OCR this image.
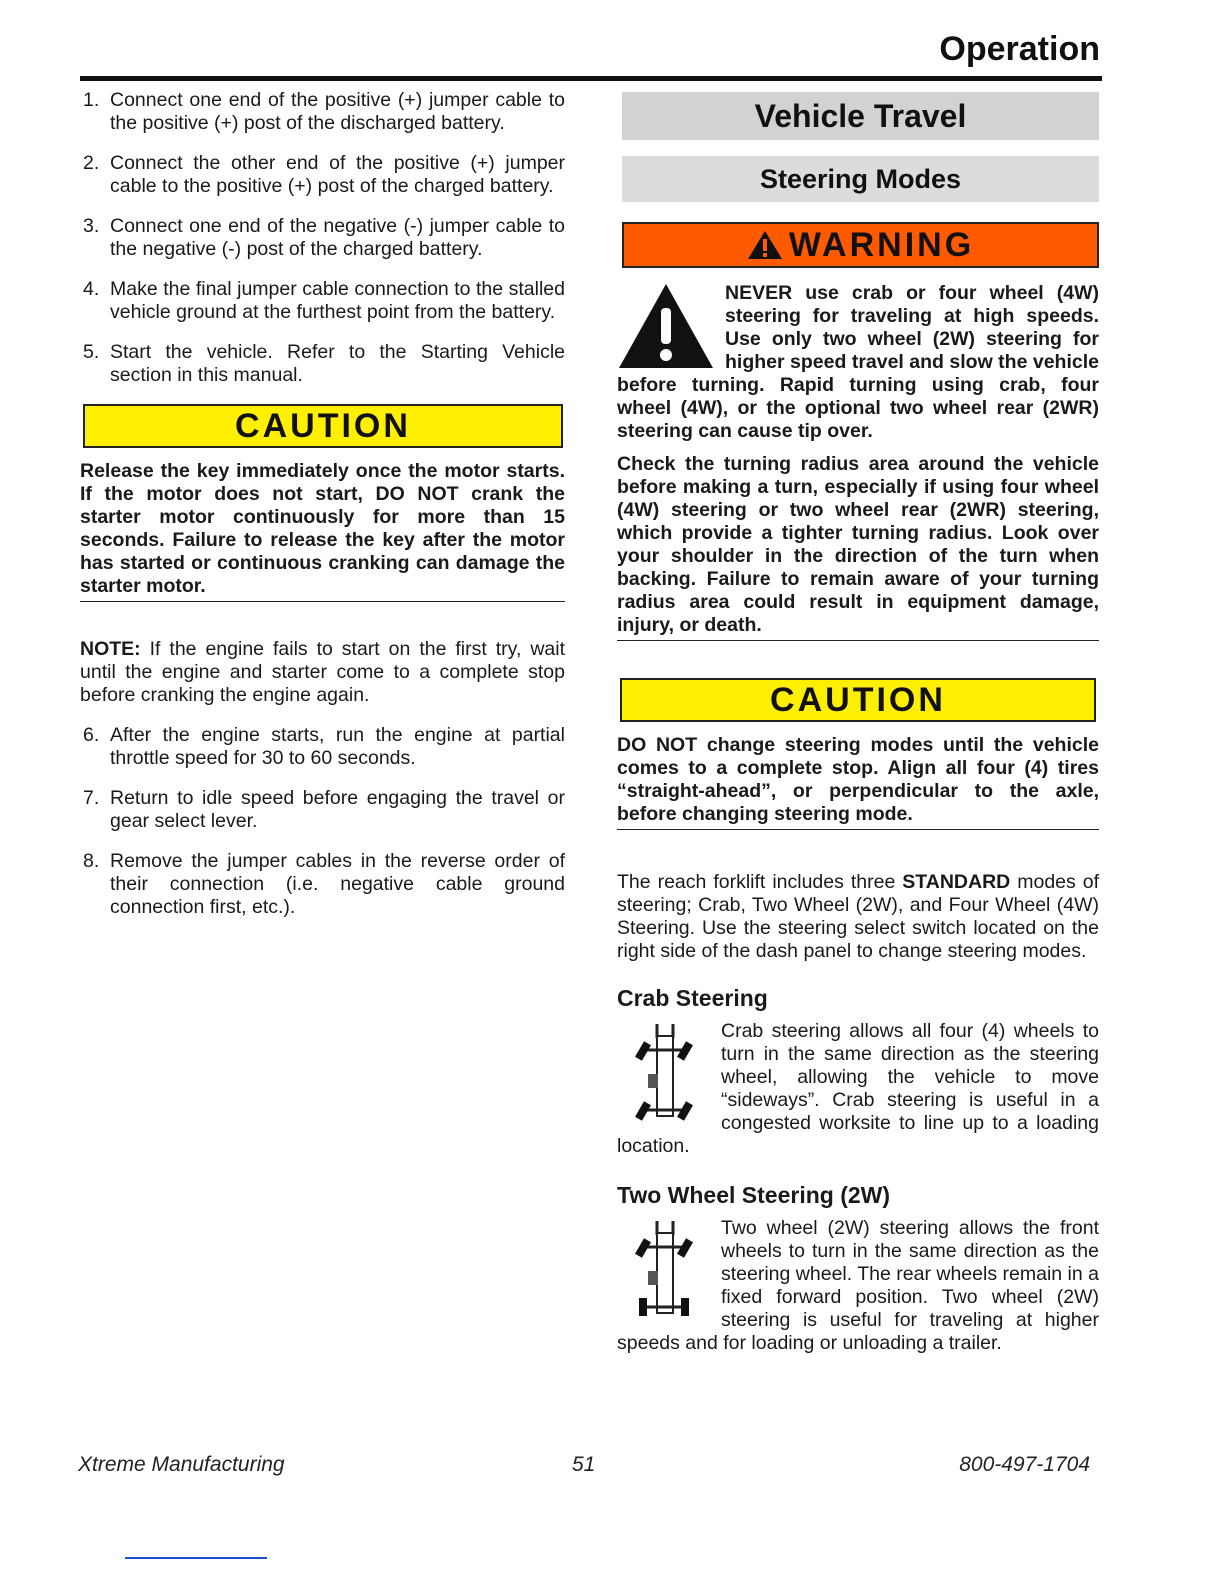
Operation
1. Connect one end of the positive (+) jumper cable to the positive (+) post of the discharged battery.
2. Connect the other end of the positive (+) jumper cable to the positive (+) post of the charged battery.
3. Connect one end of the negative (-) jumper cable to the negative (-) post of the charged battery.
4. Make the final jumper cable connection to the stalled vehicle ground at the furthest point from the battery.
5. Start the vehicle. Refer to the Starting Vehicle section in this manual.
CAUTION
Release the key immediately once the motor starts. If the motor does not start, DO NOT crank the starter motor continuously for more than 15 seconds. Failure to release the key after the motor has started or continuous cranking can damage the starter motor.

NOTE: If the engine fails to start on the first try, wait until the engine and starter come to a complete stop before cranking the engine again.

6. After the engine starts, run the engine at partial throttle speed for 30 to 60 seconds.
7. Return to idle speed before engaging the travel or gear select lever.
8. Remove the jumper cables in the reverse order of their connection (i.e. negative cable ground connection first, etc.).
Vehicle Travel
Steering Modes
WARNING
NEVER use crab or four wheel (4W) steering for traveling at high speeds. Use only two wheel (2W) steering for higher speed travel and slow the vehicle before turning. Rapid turning using crab, four wheel (4W), or the optional two wheel rear (2WR) steering can cause tip over.
Check the turning radius area around the vehicle before making a turn, especially if using four wheel (4W) steering or two wheel rear (2WR) steering, which provide a tighter turning radius. Look over your shoulder in the direction of the turn when backing. Failure to remain aware of your turning radius area could result in equipment damage, injury, or death.
CAUTION
DO NOT change steering modes until the vehicle comes to a complete stop. Align all four (4) tires “straight-ahead”, or perpendicular to the axle, before changing steering mode.

The reach forklift includes three STANDARD modes of steering; Crab, Two Wheel (2W), and Four Wheel (4W) Steering. Use the steering select switch located on the right side of the dash panel to change steering modes.

Crab Steering
Crab steering allows all four (4) wheels to turn in the same direction as the steering wheel, allowing the vehicle to move “sideways”. Crab steering is useful in a congested worksite to line up to a loading location.
Two Wheel Steering (2W)
Two wheel (2W) steering allows the front wheels to turn in the same direction as the steering wheel. The rear wheels remain in a fixed forward position. Two wheel (2W) steering is useful for traveling at higher speeds and for loading or unloading a trailer.
Xtreme Manufacturing	51	800-497-1704
